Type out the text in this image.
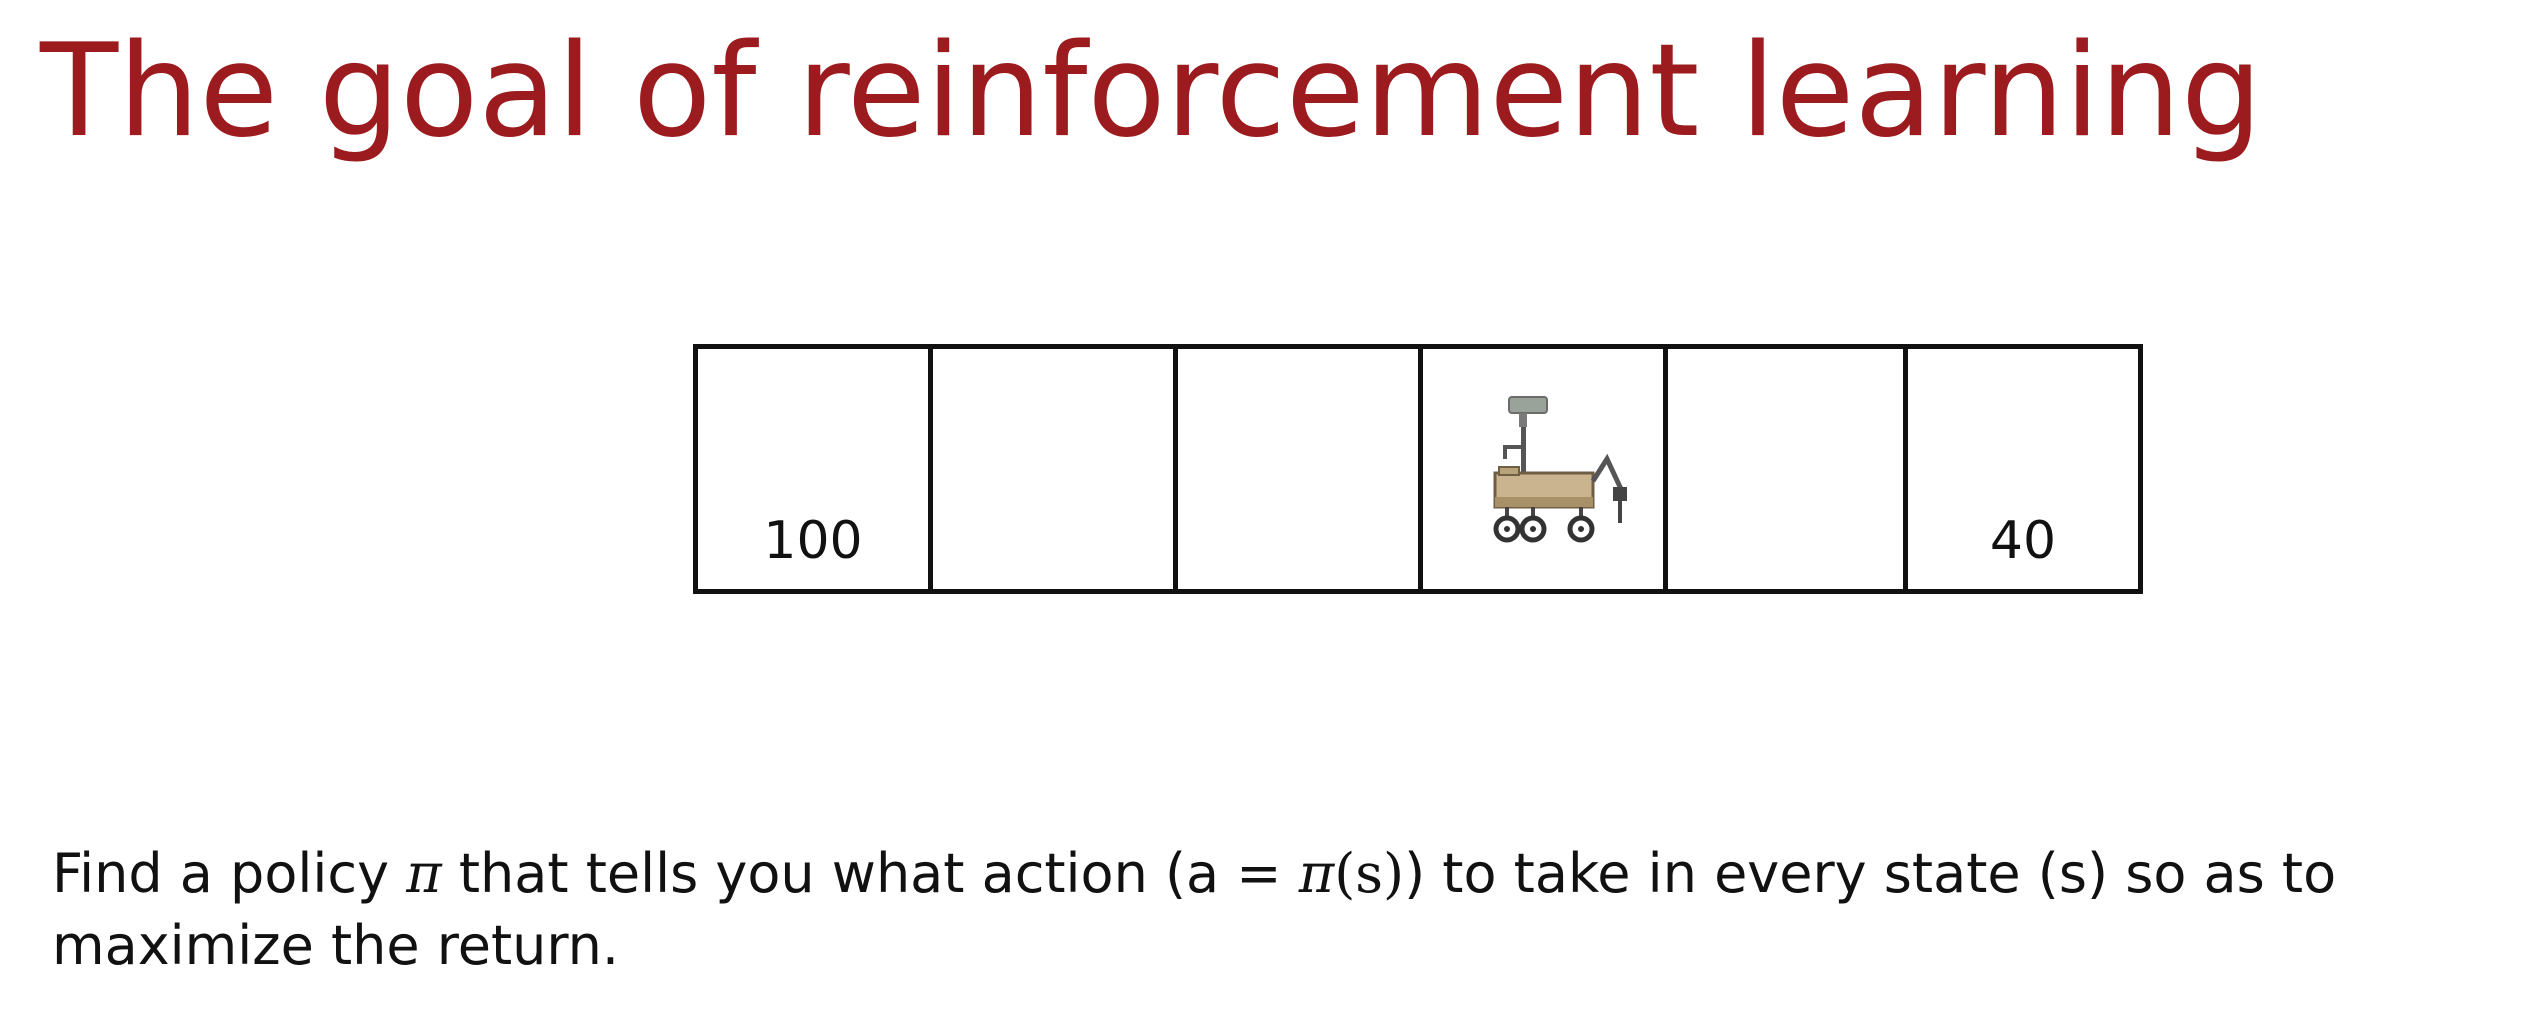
The goal of reinforcement learning
100	40

Find a policy π that tells you what action (a = π(s)) to take in every state (s) so as to maximize the return.
